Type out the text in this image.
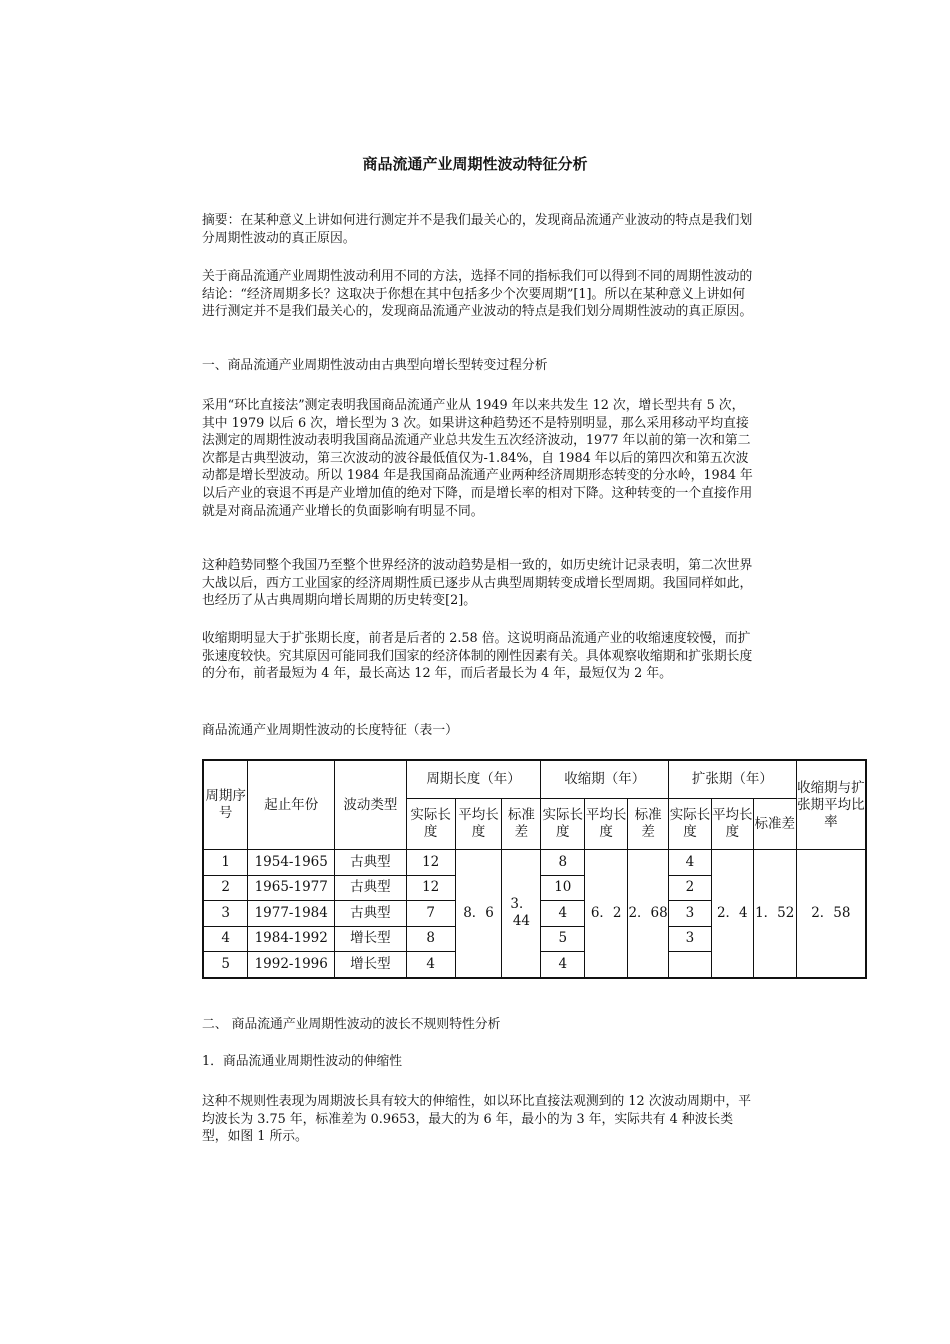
商品流通产业周期性波动特征分析

摘要：在某种意义上讲如何进行测定并不是我们最关心的，发现商品流通产业波动的特点是我们划分周期性波动的真正原因。

关于商品流通产业周期性波动利用不同的方法，选择不同的指标我们可以得到不同的周期性波动的结论：“经济周期多长？这取决于你想在其中包括多少个次要周期”[1]。所以在某种意义上讲如何进行测定并不是我们最关心的，发现商品流通产业波动的特点是我们划分周期性波动的真正原因。

一、商品流通产业周期性波动由古典型向增长型转变过程分析

采用“环比直接法”测定表明我国商品流通产业从 1949 年以来共发生 12 次，增长型共有 5 次，其中 1979 以后 6 次，增长型为 3 次。如果讲这种趋势还不是特别明显，那么采用移动平均直接法测定的周期性波动表明我国商品流通产业总共发生五次经济波动，1977 年以前的第一次和第二次都是古典型波动，第三次波动的波谷最低值仅为-1.84%，自 1984 年以后的第四次和第五次波动都是增长型波动。所以 1984 年是我国商品流通产业两种经济周期形态转变的分水岭，1984 年以后产业的衰退不再是产业增加值的绝对下降，而是增长率的相对下降。这种转变的一个直接作用就是对商品流通产业增长的负面影响有明显不同。

这种趋势同整个我国乃至整个世界经济的波动趋势是相一致的，如历史统计记录表明，第二次世界大战以后，西方工业国家的经济周期性质已逐步从古典型周期转变成增长型周期。我国同样如此，也经历了从古典周期向增长周期的历史转变[2]。

收缩期明显大于扩张期长度，前者是后者的 2.58 倍。这说明商品流通产业的收缩速度较慢，而扩张速度较快。究其原因可能同我们国家的经济体制的刚性因素有关。具体观察收缩期和扩张期长度的分布，前者最短为 4 年，最长高达 12 年，而后者最长为 4 年，最短仅为 2 年。

商品流通产业周期性波动的长度特征（表一）
周期序号	起止年份	波动类型	周期长度（年）			收缩期（年）			扩张期（年）			收缩期与扩张期平均比率
			实际长度	平均长度	标准差	实际长度	平均长度	标准差	实际长度	平均长度	标准差	
1	1954-1965	古典型	12	8．6	3．44	8	6．2	2．68	4	2．4	1．52	2．58
2	1965-1977	古典型	12			10			2			
3	1977-1984	古典型	7			4			3			
4	1984-1992	增长型	8			5			3			
5	1992-1996	增长型	4			4						
二、 商品流通产业周期性波动的波长不规则特性分析
1．商品流通业周期性波动的伸缩性

这种不规则性表现为周期波长具有较大的伸缩性，如以环比直接法观测到的 12 次波动周期中，平均波长为 3.75 年，标准差为 0.9653，最大的为 6 年，最小的为 3 年，实际共有 4 种波长类型，如图 1 所示。
